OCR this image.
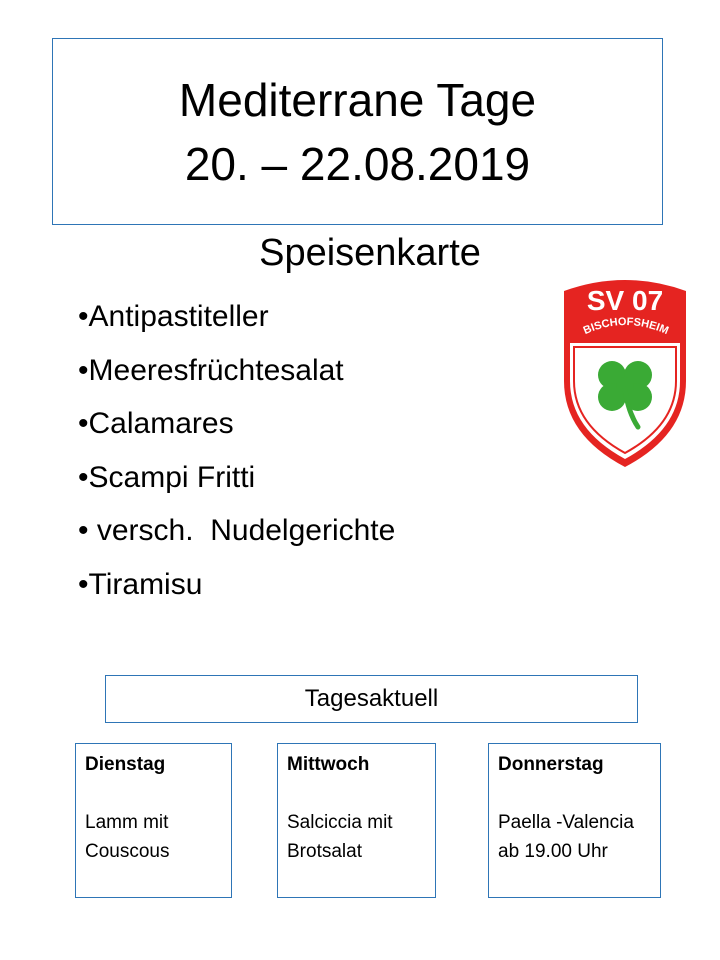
Mediterrane Tage
20. – 22.08.2019
Speisenkarte
•Antipastiteller
•Meeresfrüchtesalat
•Calamares
•Scampi Fritti
• versch.  Nudelgerichte
•Tiramisu
SV 07
BISCHOFSHEIM
Tagesaktuell
Dienstag
Lamm mit
Couscous
Mittwoch
Salciccia mit
Brotsalat
Donnerstag
Paella -Valencia
ab 19.00 Uhr
